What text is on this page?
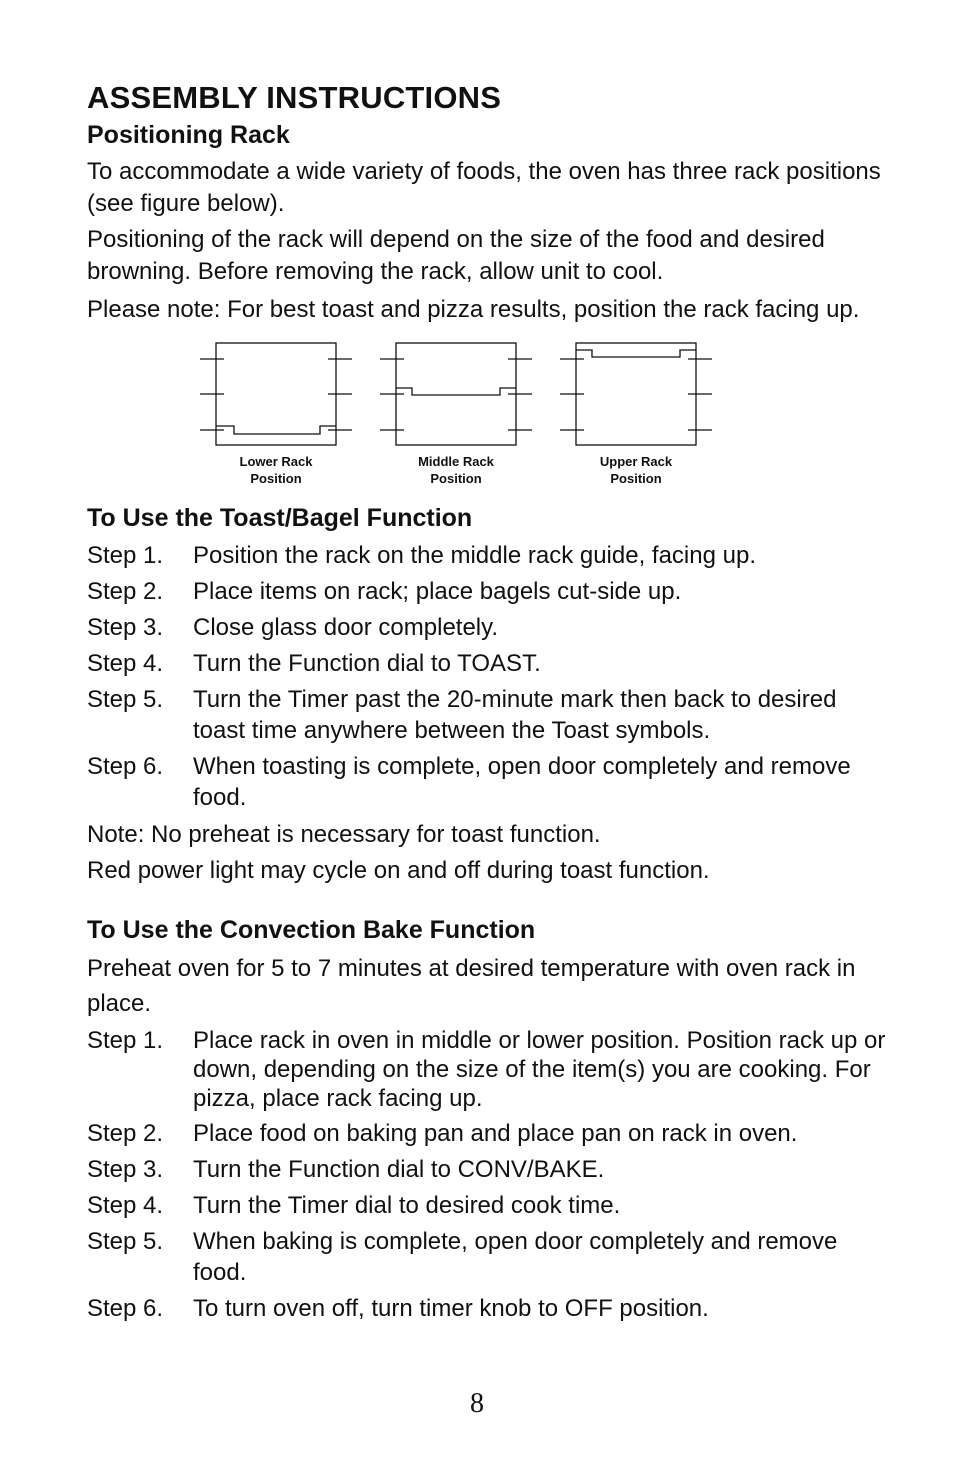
ASSEMBLY INSTRUCTIONS
Positioning Rack

To accommodate a wide variety of foods, the oven has three rack positions (see figure below).

Positioning of the rack will depend on the size of the food and desired browning. Before removing the rack, allow unit to cool.

Please note: For best toast and pizza results, position the rack facing up.

Lower Rack
Position
Middle Rack
Position
Upper Rack
Position
To Use the Toast/Bagel Function
Step 1.	Position the rack on the middle rack guide, facing up.
Step 2.	Place items on rack; place bagels cut-side up.
Step 3.	Close glass door completely.
Step 4.	Turn the Function dial to TOAST.
Step 5.	Turn the Timer past the 20-minute mark then back to desired toast time anywhere between the Toast symbols.
Step 6.	When toasting is complete, open door completely and remove food.

Note: No preheat is necessary for toast function.

Red power light may cycle on and off during toast function.

To Use the Convection Bake Function

Preheat oven for 5 to 7 minutes at desired temperature with oven rack in place.

Step 1.	Place rack in oven in middle or lower position. Position rack up or down, depending on the size of the item(s) you are cooking. For pizza, place rack facing up.
Step 2.	Place food on baking pan and place pan on rack in oven.
Step 3.	Turn the Function dial to CONV/BAKE.
Step 4.	Turn the Timer dial to desired cook time.
Step 5.	When baking is complete, open door completely and remove food.
Step 6.	To turn oven off, turn timer knob to OFF position.
8
